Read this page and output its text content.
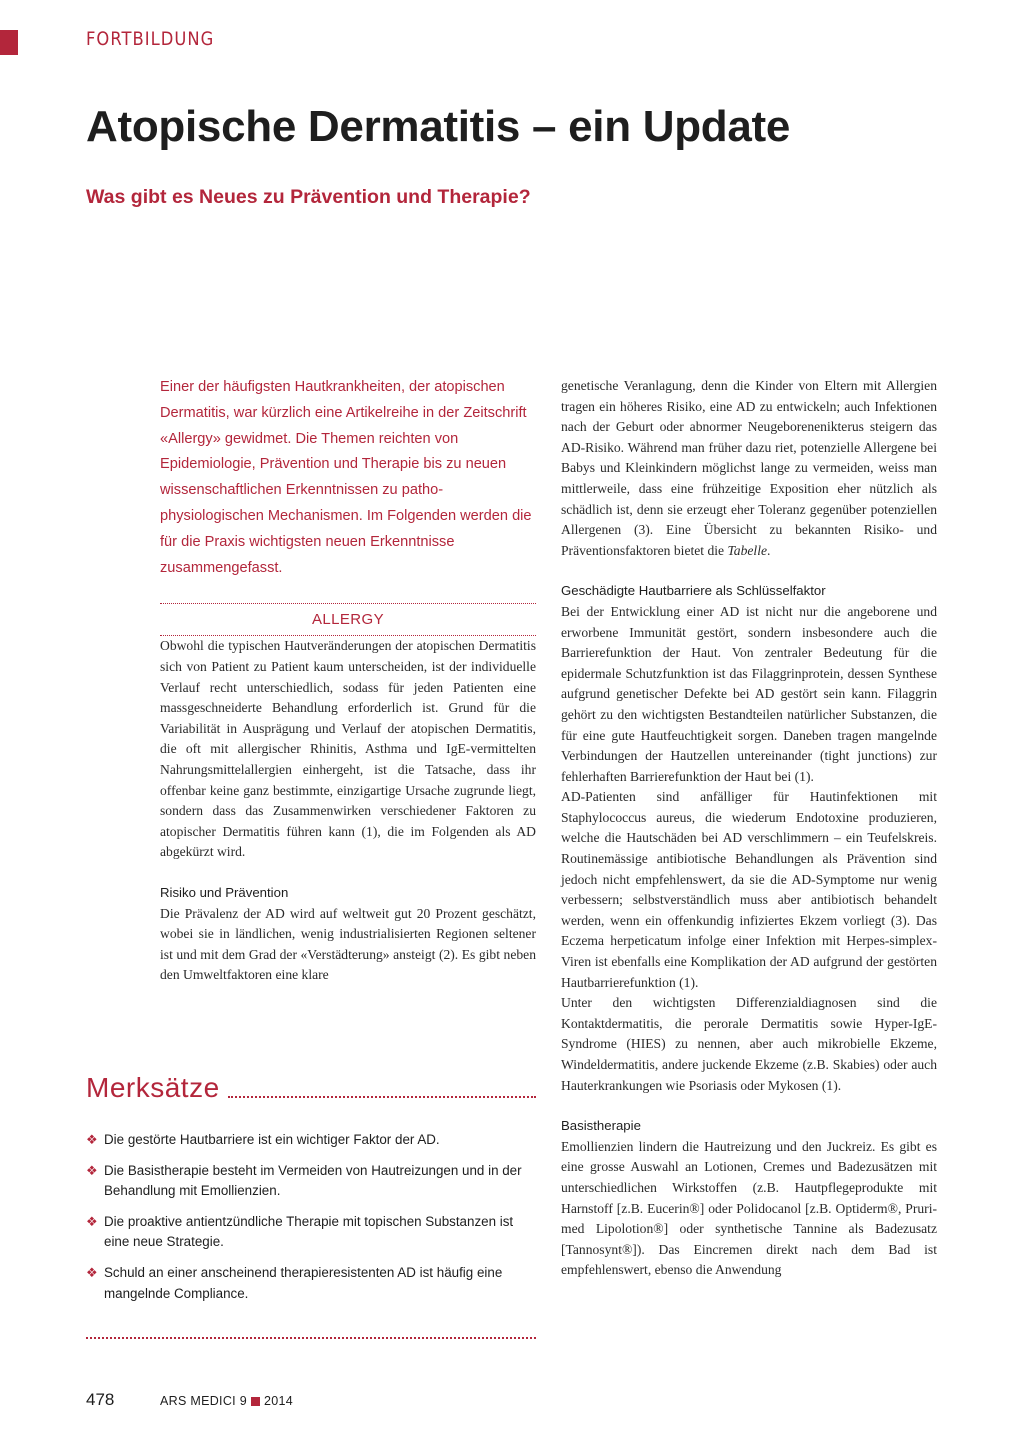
FORTBILDUNG
Atopische Dermatitis – ein Update
Was gibt es Neues zu Prävention und Therapie?

Einer der häufigsten Hautkrankheiten, der atopischen Dermatitis, war kürzlich eine Artikelreihe in der Zeitschrift «Allergy» gewidmet. Die Themen reichten von Epidemiologie, Prävention und Therapie bis zu neuen wissenschaftlichen Erkenntnissen zu pathophysiologischen Mechanismen. Im Folgenden werden die für die Praxis wichtigsten neuen Erkenntnisse zusammengefasst.

ALLERGY

Obwohl die typischen Hautveränderungen der atopischen Dermatitis sich von Patient zu Patient kaum unterscheiden, ist der individuelle Verlauf recht unterschiedlich, sodass für jeden Patienten eine massgeschneiderte Behandlung erforderlich ist. Grund für die Variabilität in Ausprägung und Verlauf der atopischen Dermatitis, die oft mit allergischer Rhinitis, Asthma und IgE-vermittelten Nahrungsmittelallergien einhergeht, ist die Tatsache, dass ihr offenbar keine ganz bestimmte, einzigartige Ursache zugrunde liegt, sondern dass das Zusammenwirken verschiedener Faktoren zu atopischer Dermatitis führen kann (1), die im Folgenden als AD abgekürzt wird.

Risiko und Prävention

Die Prävalenz der AD wird auf weltweit gut 20 Prozent geschätzt, wobei sie in ländlichen, wenig industrialisierten Regionen seltener ist und mit dem Grad der «Verstädterung» ansteigt (2). Es gibt neben den Umweltfaktoren eine klare

genetische Veranlagung, denn die Kinder von Eltern mit Allergien tragen ein höheres Risiko, eine AD zu entwickeln; auch Infektionen nach der Geburt oder abnormer Neugeborenenikterus steigern das AD-Risiko. Während man früher dazu riet, potenzielle Allergene bei Babys und Kleinkindern möglichst lange zu vermeiden, weiss man mittlerweile, dass eine frühzeitige Exposition eher nützlich als schädlich ist, denn sie erzeugt eher Toleranz gegenüber potenziellen Allergenen (3). Eine Übersicht zu bekannten Risiko- und Präventionsfaktoren bietet die Tabelle.

Geschädigte Hautbarriere als Schlüsselfaktor

Bei der Entwicklung einer AD ist nicht nur die angeborene und erworbene Immunität gestört, sondern insbesondere auch die Barrierefunktion der Haut. Von zentraler Bedeutung für die epidermale Schutzfunktion ist das Filaggrinprotein, dessen Synthese aufgrund genetischer Defekte bei AD gestört sein kann. Filaggrin gehört zu den wichtigsten Bestandteilen natürlicher Substanzen, die für eine gute Hautfeuchtigkeit sorgen. Daneben tragen mangelnde Verbindungen der Hautzellen untereinander (tight junctions) zur fehlerhaften Barrierefunktion der Haut bei (1).

AD-Patienten sind anfälliger für Hautinfektionen mit Staphylococcus aureus, die wiederum Endotoxine produzieren, welche die Hautschäden bei AD verschlimmern – ein Teufelskreis. Routinemässige antibiotische Behandlungen als Prävention sind jedoch nicht empfehlenswert, da sie die AD-Symptome nur wenig verbessern; selbstverständlich muss aber antibiotisch behandelt werden, wenn ein offenkundig infiziertes Ekzem vorliegt (3). Das Eczema herpeticatum infolge einer Infektion mit Herpes-simplex-Viren ist ebenfalls eine Komplikation der AD aufgrund der gestörten Hautbarrierefunktion (1).

Unter den wichtigsten Differenzialdiagnosen sind die Kontaktdermatitis, die perorale Dermatitis sowie Hyper-IgE-Syndrome (HIES) zu nennen, aber auch mikrobielle Ekzeme, Windeldermatitis, andere juckende Ekzeme (z.B. Skabies) oder auch Hauterkrankungen wie Psoriasis oder Mykosen (1).

Basistherapie

Emollienzien lindern die Hautreizung und den Juckreiz. Es gibt es eine grosse Auswahl an Lotionen, Cremes und Badezusätzen mit unterschiedlichen Wirkstoffen (z.B. Hautpflegeprodukte mit Harnstoff [z.B. Eucerin®] oder Polidocanol [z.B. Optiderm®, Pruri-med Lipolotion®] oder synthetische Tannine als Badezusatz [Tannosynt®]). Das Eincremen direkt nach dem Bad ist empfehlenswert, ebenso die Anwendung

Merksätze
❖ Die gestörte Hautbarriere ist ein wichtiger Faktor der AD.
❖ Die Basistherapie besteht im Vermeiden von Hautreizungen und in der Behandlung mit Emollienzien.
❖ Die proaktive antientzündliche Therapie mit topischen Substanzen ist eine neue Strategie.
❖ Schuld an einer anscheinend therapieresistenten AD ist häufig eine mangelnde Compliance.
478	ARS MEDICI 9 2014
